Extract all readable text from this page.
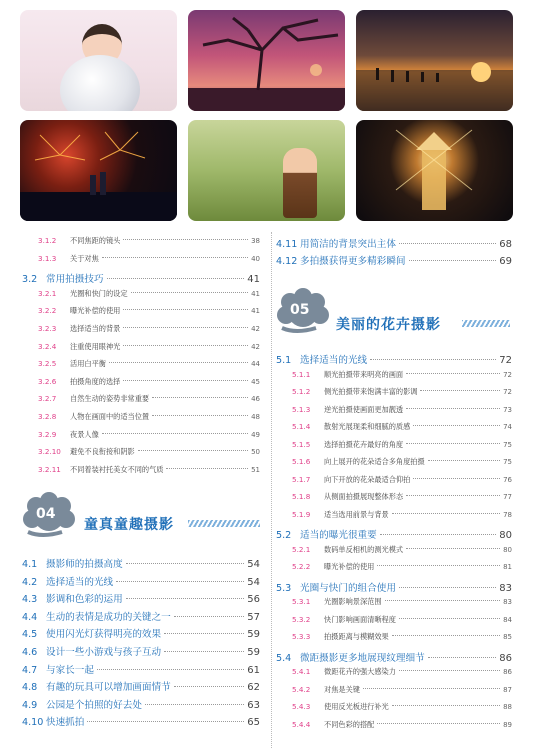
3.1.2	不同焦距的镜头	38
3.1.3	关于对焦	40
3.2 常用拍摄技巧	41
3.2.1	光圈和快门的设定	41
3.2.2	曝光补偿的使用	41
3.2.3	选择适当的背景	42
3.2.4	注重使用眼神光	42
3.2.5	活用白平衡	44
3.2.6	拍摄角度的选择	45
3.2.7	自然生动的姿势非常重要	46
3.2.8	人物在画面中的适当位置	48
3.2.9	夜景人像	49
3.2.10	避免不良衔接和阴影	50
3.2.11	不同着装衬托美女不同的气质	51
04
童真童趣摄影
4.1 摄影师的拍摄高度	54
4.2 选择适当的光线	54
4.3 影调和色彩的运用	56
4.4 生动的表情是成功的关键之一	57
4.5 使用闪光灯获得明亮的效果	59
4.6 设计一些小游戏与孩子互动	59
4.7 与家长一起	61
4.8 有趣的玩具可以增加画面情节	62
4.9 公园是个拍照的好去处	63
4.10 快速抓拍	65
4.11 用简洁的背景突出主体	68
4.12 多拍摄获得更多精彩瞬间	69
05
美丽的花卉摄影
5.1 选择适当的光线	72
5.1.1	顺光拍摄带来明亮的画面	72
5.1.2	侧光拍摄带来饱满丰富的影调	72
5.1.3	逆光拍摄使画面更加靓透	73
5.1.4	散射光展现柔和细腻的质感	74
5.1.5	选择拍摄花卉最好的角度	75
5.1.6	向上展开的花朵适合多角度拍摄	75
5.1.7	向下开放的花朵最适合仰拍	76
5.1.8	从侧面拍摄展现整体形态	77
5.1.9	适当选用前景与背景	78
5.2 适当的曝光很重要	80
5.2.1	数码单反相机的测光模式	80
5.2.2	曝光补偿的使用	81
5.3 光圈与快门的组合使用	83
5.3.1	光圈影响景深范围	83
5.3.2	快门影响画面清晰程度	84
5.3.3	拍摄距离与模糊效果	85
5.4 微距摄影更多地展现纹理细节	86
5.4.1	微距花卉的强大感染力	86
5.4.2	对焦是关键	87
5.4.3	使用反光板进行补光	88
5.4.4	不同色彩的搭配	89
